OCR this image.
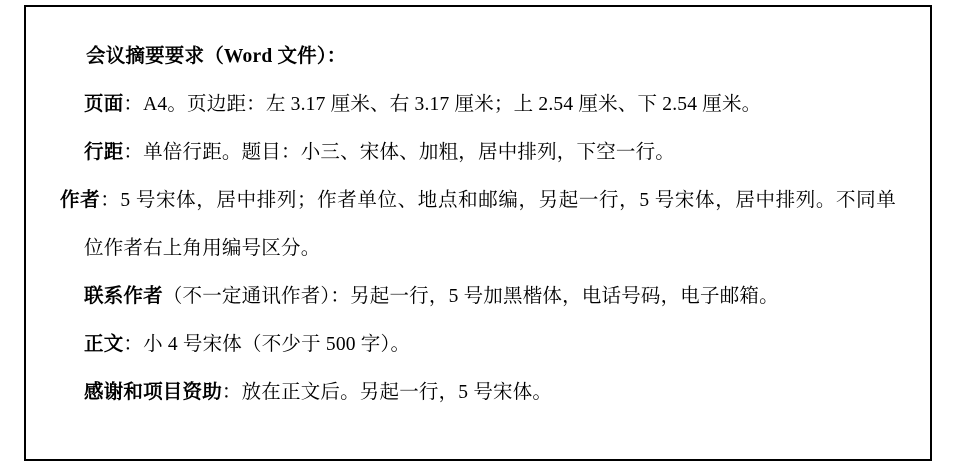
会议摘要要求（Word 文件）：

页面：A4。页边距：左 3.17 厘米、右 3.17 厘米；上 2.54 厘米、下 2.54 厘米。

行距：单倍行距。题目：小三、宋体、加粗，居中排列，下空一行。

作者：5 号宋体，居中排列；作者单位、地点和邮编，另起一行，5 号宋体，居中排列。不同单位作者右上角用编号区分。

联系作者（不一定通讯作者）：另起一行，5 号加黑楷体，电话号码，电子邮箱。

正文：小 4 号宋体（不少于 500 字）。

感谢和项目资助：放在正文后。另起一行，5 号宋体。
